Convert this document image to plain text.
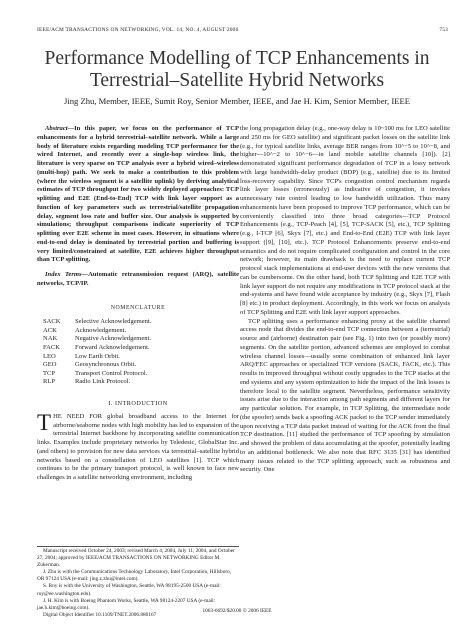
IEEE/ACM TRANSACTIONS ON NETWORKING, VOL. 14, NO. 4, AUGUST 2006	753
Performance Modelling of TCP Enhancements in
Terrestrial–Satellite Hybrid Networks
Jing Zhu, Member, IEEE, Sumit Roy, Senior Member, IEEE, and Jae H. Kim, Senior Member, IEEE

Abstract—In this paper, we focus on the performance of TCP enhancements for a hybrid terrestrial–satellite network. While a large body of literature exists regarding modeling TCP performance for the wired Internet, and recently over a single-hop wireless link, the literature is very sparse on TCP analysis over a hybrid wired–wireless (multi-hop) path. We seek to make a contribution to this problem (where the wireless segment is a satellite uplink) by deriving analytical estimates of TCP throughput for two widely deployed approaches: TCP splitting and E2E (End-to-End) TCP with link layer support as a function of key parameters such as terrestrial/satellite propagation delay, segment loss rate and buffer size. Our analysis is supported by simulations; throughput comparisons indicate superiority of TCP splitting over E2E scheme in most cases. However, in situations where end-to-end delay is dominated by terrestrial portion and buffering is very limited/constrained at satellite, E2E achieves higher throughput than TCP splitting.

Index Terms—Automatic retransmission request (ARQ), satellite networks, TCP/IP.
NOMENCLATURE
SACK	Selective Acknowledgement.
ACK	Acknowledgement.
NAK	Negative Acknowledgement.
FACK	Forward Acknowledgement.
LEO	Low Earth Orbit.
GEO	Geosynchronous Orbit.
TCP	Transport Control Protocol.
RLP	Radio Link Protocol.
I. INTRODUCTION
T HE NEED FOR global broadband access to the Internet for airborne/seaborne nodes with high mobility has led to expansion of the terrestrial Internet backbone by incorporating satellite communication links. Examples include proprietary networks by Teledesic, GlobalStar Inc. (and others) to provision for new data services via terrestrial–satellite hybrid networks based on a constellation of LEO satellites [1]. TCP which continues to be the primary transport protocol, is well known to face new challenges in a satellite networking environment, including

Manuscript received October 24, 2003; revised March 4, 2004, July 11, 2004, and October 27, 2004; approved by IEEE/ACM TRANSACTIONS ON NETWORKING Editor M. Zukerman.

J. Zhu is with the Communications Technology Laboratory, Intel Corporation, Hillsboro, OR 97124 USA (e-mail: jing.z.zhu@intel.com).

S. Roy is with the University of Washington, Seattle, WA 98195-2500 USA (e-mail: roy@ee.washington.edu).

J. H. Kim is with Boeing Phantom Works, Seattle, WA 98124-2207 USA (e-mail: jae.h.kim@boeing.com).

Digital Object Identifier 10.1109/TNET.2006.880167

the long propagation delay (e.g., one-way delay is 10~100 ms for LEO satellite and 250 ms for GEO satellite) and significant packet losses on the satellite link (e.g., for typical satellite links, average BER ranges from 10^−5 to 10^−8, and higher—10^−2 to 10^−6—in land mobile satellite channels [10]). [2] demonstrated significant performance degradation of TCP in a lossy network with large bandwidth–delay product (BDP) (e.g., satellite) due to its limited loss-recovery capability. Since TCP's congestion control mechanism regards link layer losses (erroneously) as indicative of congestion, it invokes unnecessary rate control leading to low bandwidth utilization. Thus many enhancements have been proposed to improve TCP performance, which can be conveniently classified into three broad categories—TCP Protocol Enhancements (e.g., TCP-Peach [4], [5], TCP-SACK [5], etc.), TCP Splitting (e.g., I-TCP [6], Skyx [7], etc.) and End-to-End (E2E) TCP with link layer support ([9], [10], etc.). TCP Protocol Enhancements preserve end-to-end semantics and do not require complicated configuration and control in the core network; however, its main drawback is the need to replace current TCP protocol stack implementations at end-user devices with the new versions that can be cumbersome. On the other hand, both TCP Splitting and E2E TCP with link layer support do not require any modifications in TCP protocol stack at the end-systems and have found wide acceptance by industry (e.g., Skyx [7], Flash [8] etc.) in product deployment. Accordingly, in this work we focus on analysis of TCP Splitting and E2E with link layer support approaches.

TCP splitting uses a performance enhancing proxy at the satellite channel access node that divides the end-to-end TCP connection between a (terrestrial) source and (airborne) destination pair (see Fig. 1) into two (or possibly more) segments. On the satellite portion, advanced schemes are employed to combat wireless channel losses—usually some combination of enhanced link layer ARQ/FEC approaches or specialized TCP versions (SACK, FACK, etc.). This results in improved throughput without costly upgrades to the TCP stacks at the end systems and any system optimization to hide the impact of the link losses is therefore local to the satellite segment. Nevertheless, performance sensitivity issues arise due to the interaction among path segments and different layers for any particular solution. For example, in TCP Splitting, the intermediate node (the spoofer) sends back a spoofing ACK packet to the TCP sender immediately upon receiving a TCP data packet instead of waiting for the ACK from the final TCP destination. [11] studied the performance of TCP spoofing by simulation and showed the problem of data accumulating at the spoofer, potentially leading to an additional bottleneck. We also note that RFC 3135 [31] has identified many issues related to the TCP splitting approach, such as robustness and security. One

1063-6692/$20.00 © 2006 IEEE
